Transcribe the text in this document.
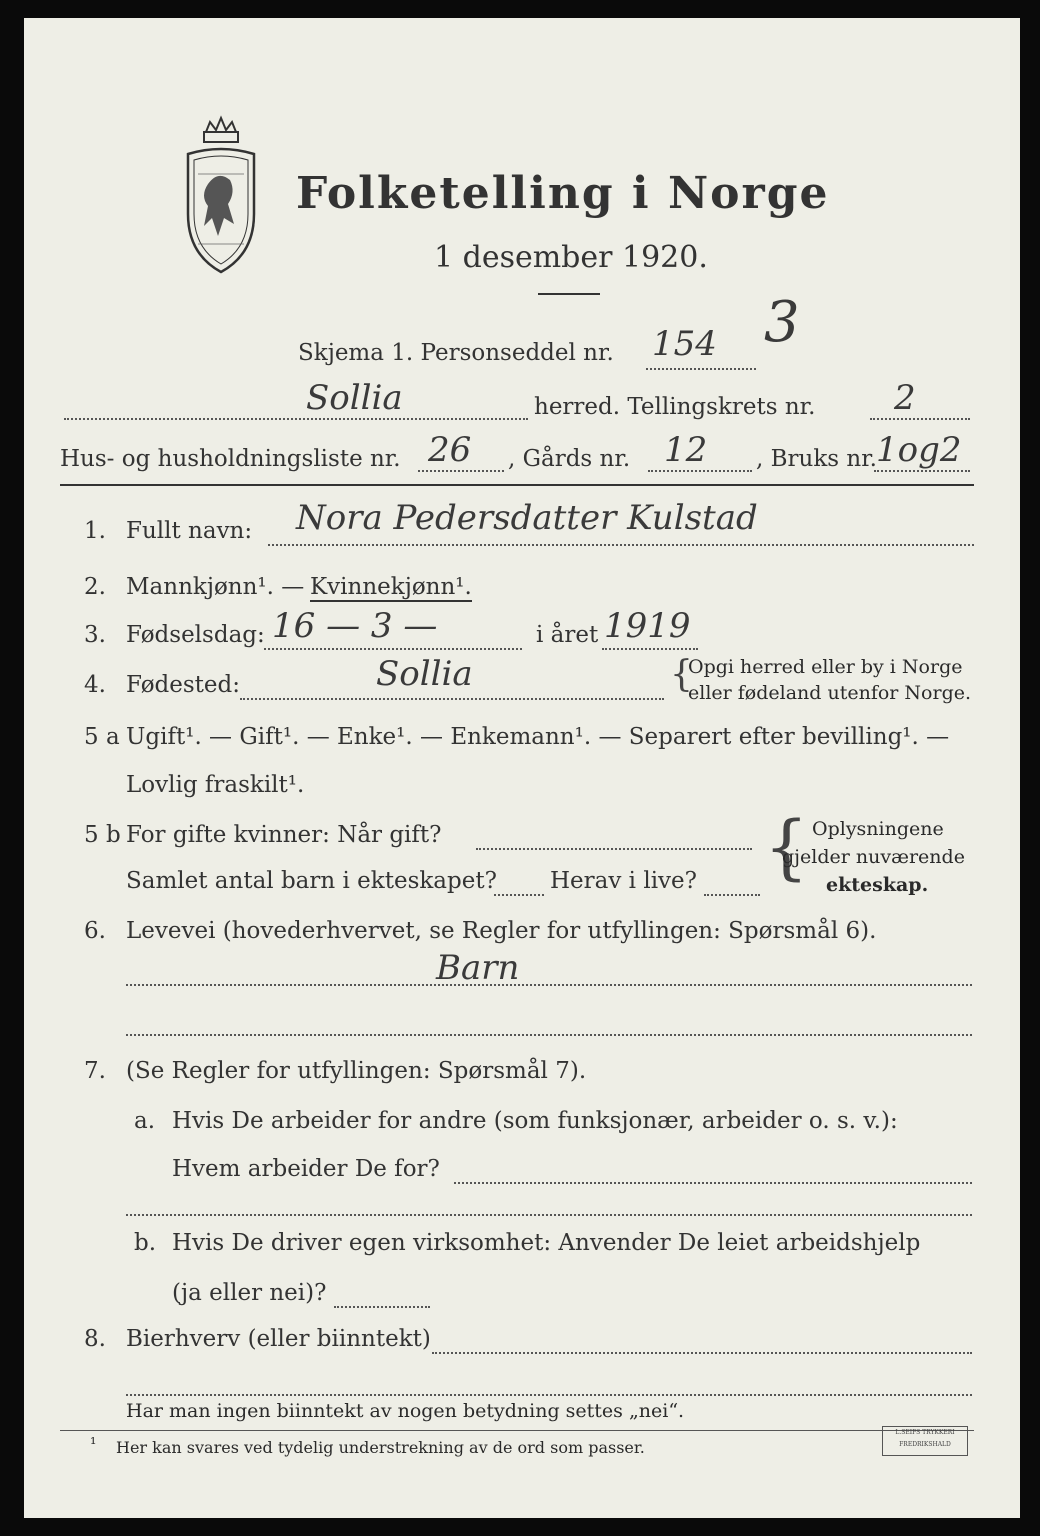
Folketelling i Norge
1 desember 1920.
Skjema 1. Personseddel nr. 154 3
Sollia	herred. Tellingskrets nr. 2
Hus- og husholdningsliste nr. 26 , Gårds nr. 12 , Bruks nr. 1og2
1. Fullt navn: Nora Pedersdatter Kulstad
2. Mannkjønn¹. — Kvinnekjønn¹.
3. Fødselsdag: 16 — 3 —	i året 1919
4. Fødested:	Sollia	{
Opgi herred eller by i Norge
eller fødeland utenfor Norge.
5 a Ugift¹. — Gift¹. — Enke¹. — Enkemann¹. — Separert efter bevilling¹. —
Lovlig fraskilt¹.
5 b For gifte kvinner: Når gift?
Samlet antal barn i ekteskapet? Herav i live? { Oplysningene
gjelder nuværende
ekteskap.
6. Levevei (hovederhvervet, se Regler for utfyllingen: Spørsmål 6).
Barn
7. (Se Regler for utfyllingen: Spørsmål 7).
a. Hvis De arbeider for andre (som funksjonær, arbeider o. s. v.):
Hvem arbeider De for?
b. Hvis De driver egen virksomhet: Anvender De leiet arbeidshjelp
(ja eller nei)?
8. Bierhverv (eller biinntekt)
Har man ingen biinntekt av nogen betydning settes „nei“.
¹ Her kan svares ved tydelig understrekning av de ord som passer.
L.SEIPS TRYKKERI
FREDRIKSHALD
